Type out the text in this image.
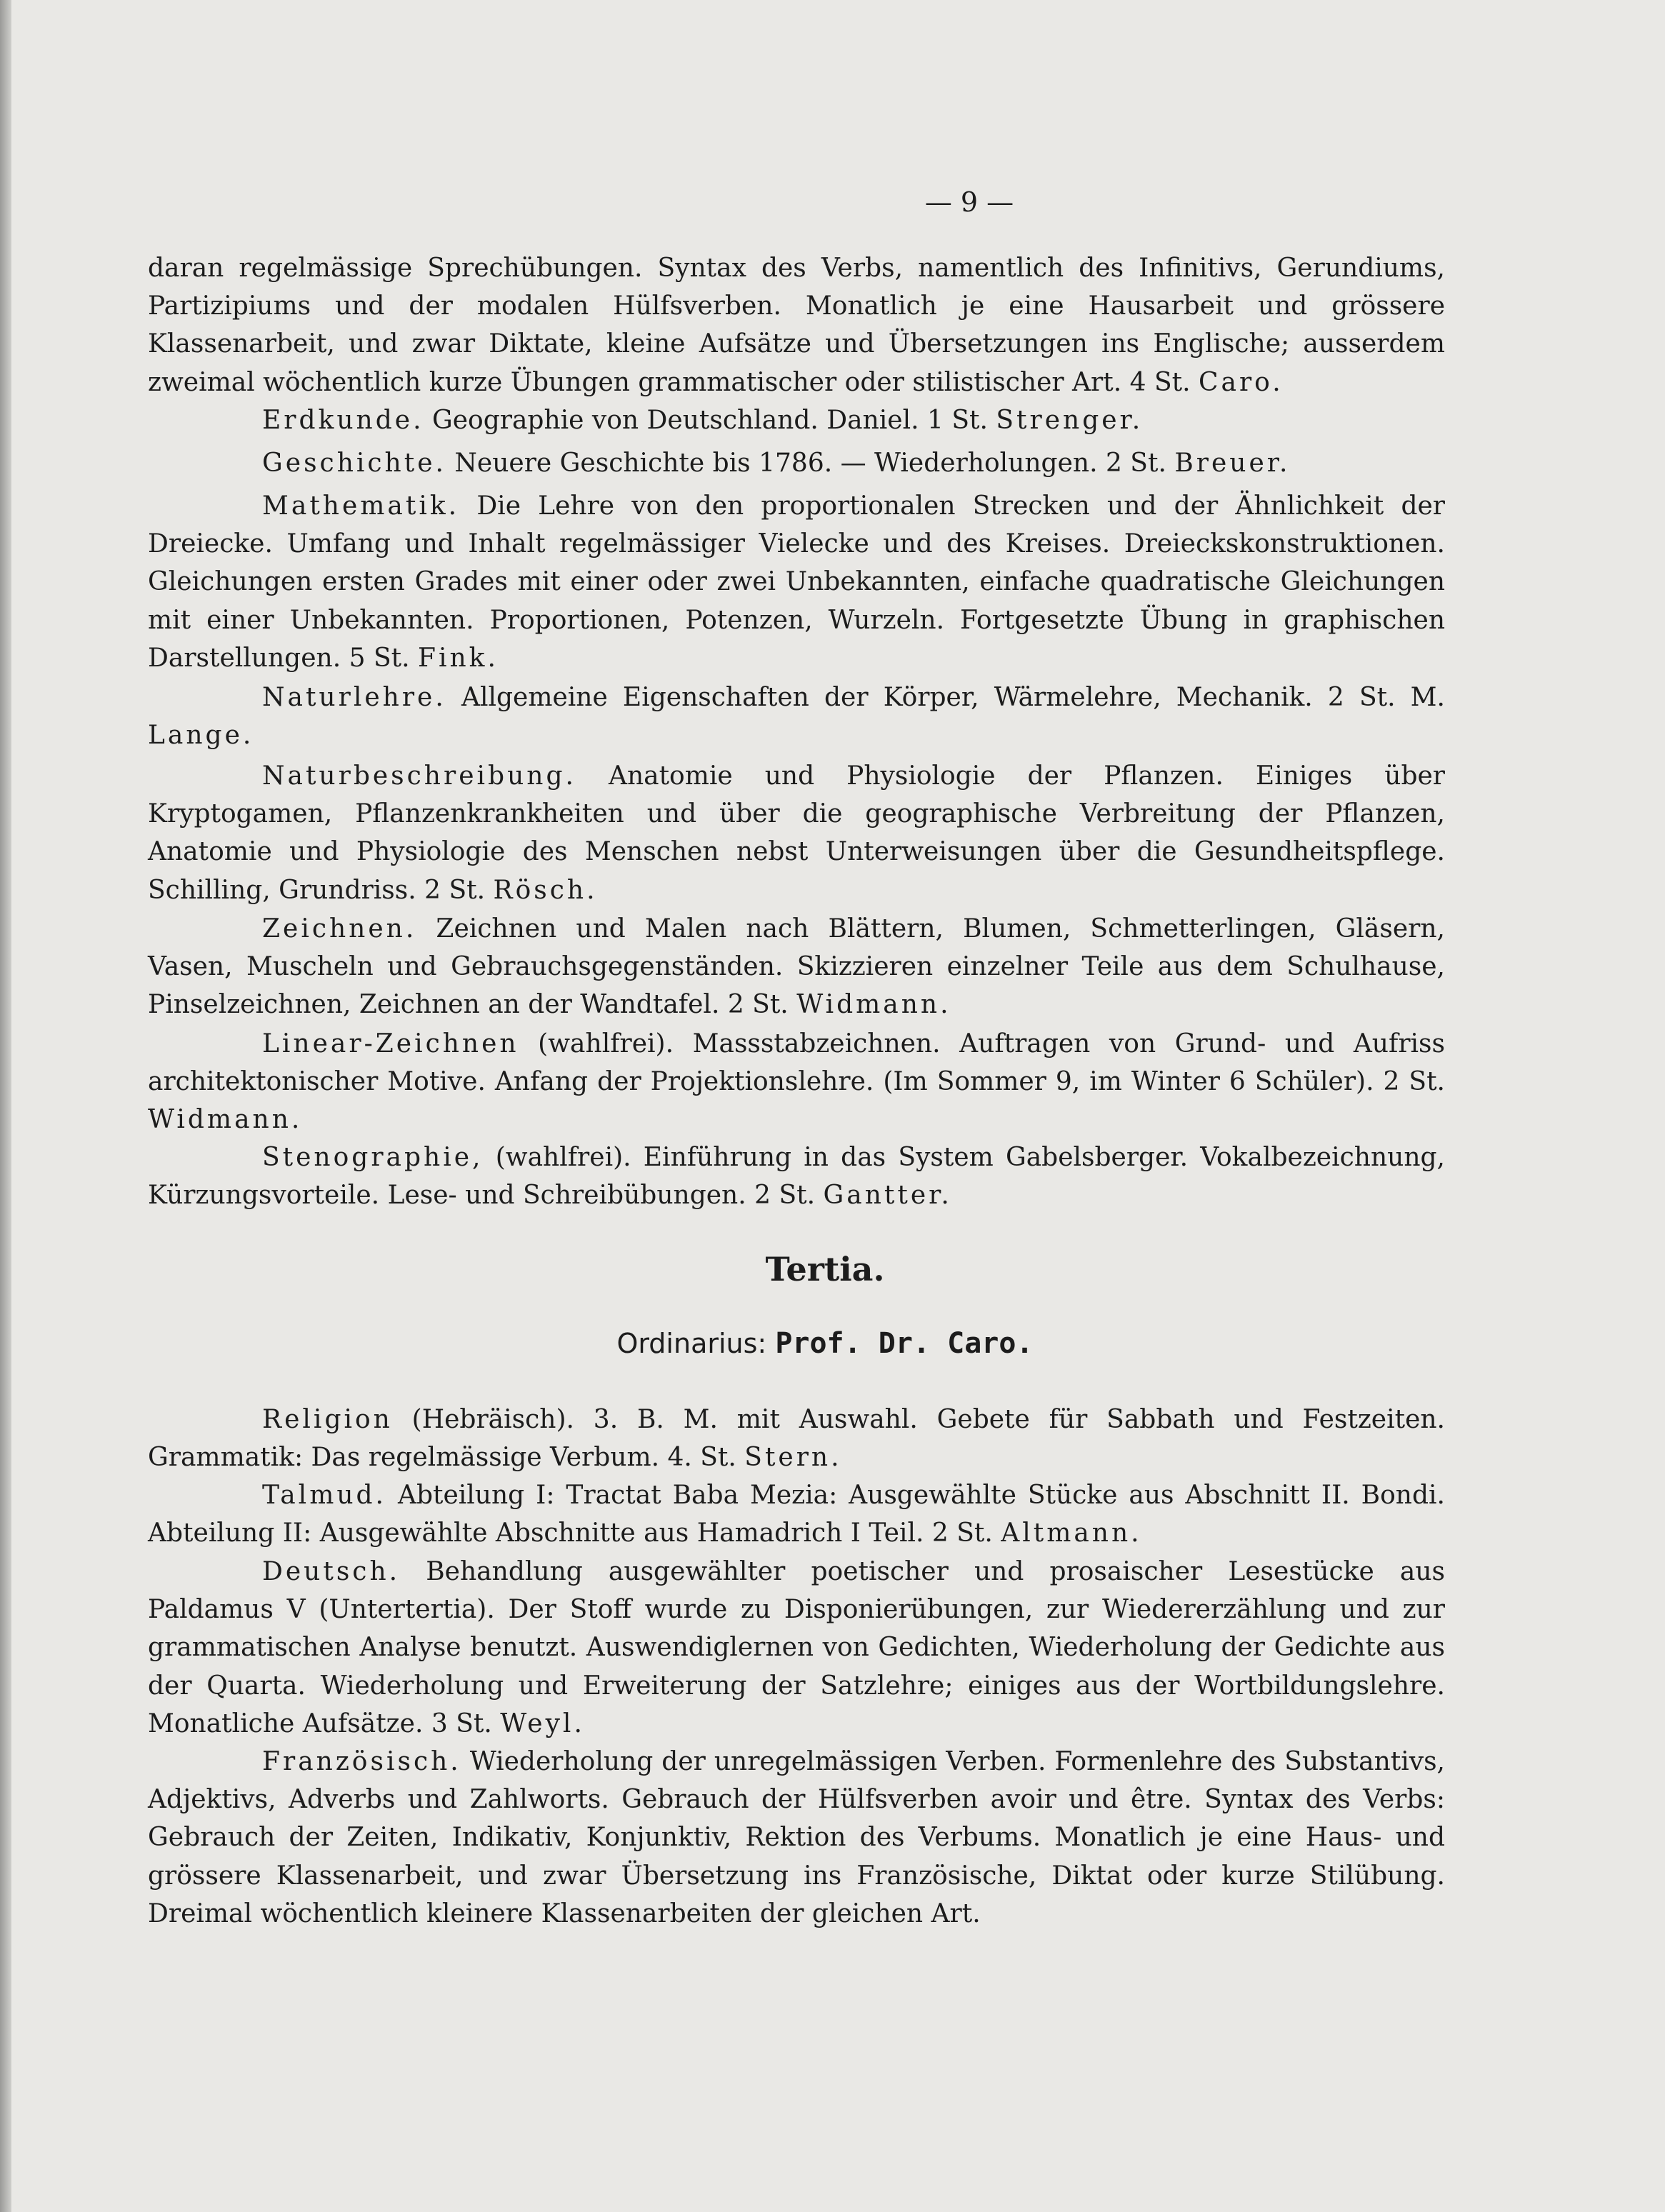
— 9 —

daran regelmässige Sprechübungen. Syntax des Verbs, namentlich des Infinitivs, Gerundiums, Partizipiums und der modalen Hülfsverben. Monatlich je eine Hausarbeit und grössere Klassenarbeit, und zwar Diktate, kleine Aufsätze und Übersetzungen ins Englische; ausserdem zweimal wöchentlich kurze Übungen grammatischer oder stilistischer Art. 4 St. Caro.

Erdkunde. Geographie von Deutschland. Daniel. 1 St. Strenger.

Geschichte. Neuere Geschichte bis 1786. — Wiederholungen. 2 St. Breuer.

Mathematik. Die Lehre von den proportionalen Strecken und der Ähnlichkeit der Dreiecke. Umfang und Inhalt regelmässiger Vielecke und des Kreises. Dreieckskonstruktionen. Gleichungen ersten Grades mit einer oder zwei Unbekannten, einfache quadratische Gleichungen mit einer Unbekannten. Proportionen, Potenzen, Wurzeln. Fortgesetzte Übung in graphischen Darstellungen. 5 St. Fink.

Naturlehre. Allgemeine Eigenschaften der Körper, Wärmelehre, Mechanik. 2 St. M. Lange.

Naturbeschreibung. Anatomie und Physiologie der Pflanzen. Einiges über Kryptogamen, Pflanzenkrankheiten und über die geographische Verbreitung der Pflanzen, Anatomie und Physiologie des Menschen nebst Unterweisungen über die Gesundheitspflege. Schilling, Grundriss. 2 St. Rösch.

Zeichnen. Zeichnen und Malen nach Blättern, Blumen, Schmetterlingen, Gläsern, Vasen, Muscheln und Gebrauchsgegenständen. Skizzieren einzelner Teile aus dem Schulhause, Pinselzeichnen, Zeichnen an der Wandtafel. 2 St. Widmann.

Linear-Zeichnen (wahlfrei). Massstabzeichnen. Auftragen von Grund- und Aufriss architektonischer Motive. Anfang der Projektionslehre. (Im Sommer 9, im Winter 6 Schüler). 2 St. Widmann.

Stenographie, (wahlfrei). Einführung in das System Gabelsberger. Vokalbezeichnung, Kürzungsvorteile. Lese- und Schreibübungen. 2 St. Gantter.

Tertia.
Ordinarius: Prof. Dr. Caro.

Religion (Hebräisch). 3. B. M. mit Auswahl. Gebete für Sabbath und Festzeiten. Grammatik: Das regelmässige Verbum. 4. St. Stern.

Talmud. Abteilung I: Tractat Baba Mezia: Ausgewählte Stücke aus Abschnitt II. Bondi. Abteilung II: Ausgewählte Abschnitte aus Hamadrich I Teil. 2 St. Altmann.

Deutsch. Behandlung ausgewählter poetischer und prosaischer Lesestücke aus Paldamus V (Untertertia). Der Stoff wurde zu Disponierübungen, zur Wiedererzählung und zur grammatischen Analyse benutzt. Auswendiglernen von Gedichten, Wiederholung der Gedichte aus der Quarta. Wiederholung und Erweiterung der Satzlehre; einiges aus der Wortbildungslehre. Monatliche Aufsätze. 3 St. Weyl.

Französisch. Wiederholung der unregelmässigen Verben. Formenlehre des Substantivs, Adjektivs, Adverbs und Zahlworts. Gebrauch der Hülfsverben avoir und être. Syntax des Verbs: Gebrauch der Zeiten, Indikativ, Konjunktiv, Rektion des Verbums. Monatlich je eine Haus- und grössere Klassenarbeit, und zwar Übersetzung ins Französische, Diktat oder kurze Stilübung. Dreimal wöchentlich kleinere Klassenarbeiten der gleichen Art.
